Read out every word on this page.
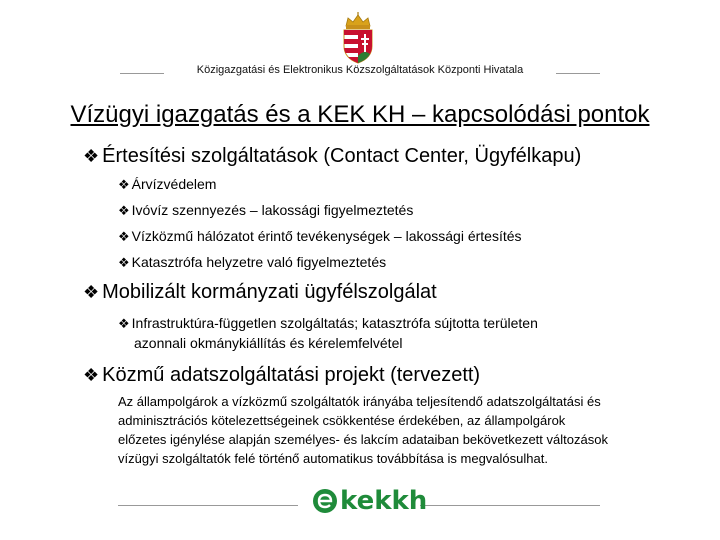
Közigazgatási és Elektronikus Közszolgáltatások Központi Hivatala
Vízügyi igazgatás és a KEK KH – kapcsolódási pontok
❖ Értesítési szolgáltatások (Contact Center, Ügyfélkapu)
❖ Árvízvédelem
❖ Ivóvíz szennyezés – lakossági figyelmeztetés
❖ Vízközmű hálózatot érintő tevékenységek – lakossági értesítés
❖ Katasztrófa helyzetre való figyelmeztetés
❖ Mobilizált kormányzati ügyfélszolgálat
❖ Infrastruktúra-független szolgáltatás; katasztrófa sújtotta területen
azonnali okmánykiállítás és kérelemfelvétel
❖ Közmű adatszolgáltatási projekt (tervezett)
Az állampolgárok a vízközmű szolgáltatók irányába teljesítendő adatszolgáltatási és
adminisztrációs kötelezettségeinek csökkentése érdekében, az állampolgárok
előzetes igénylése alapján személyes- és lakcím adataiban bekövetkezett változások
vízügyi szolgáltatók felé történő automatikus továbbítása is megvalósulhat.
kekkh
